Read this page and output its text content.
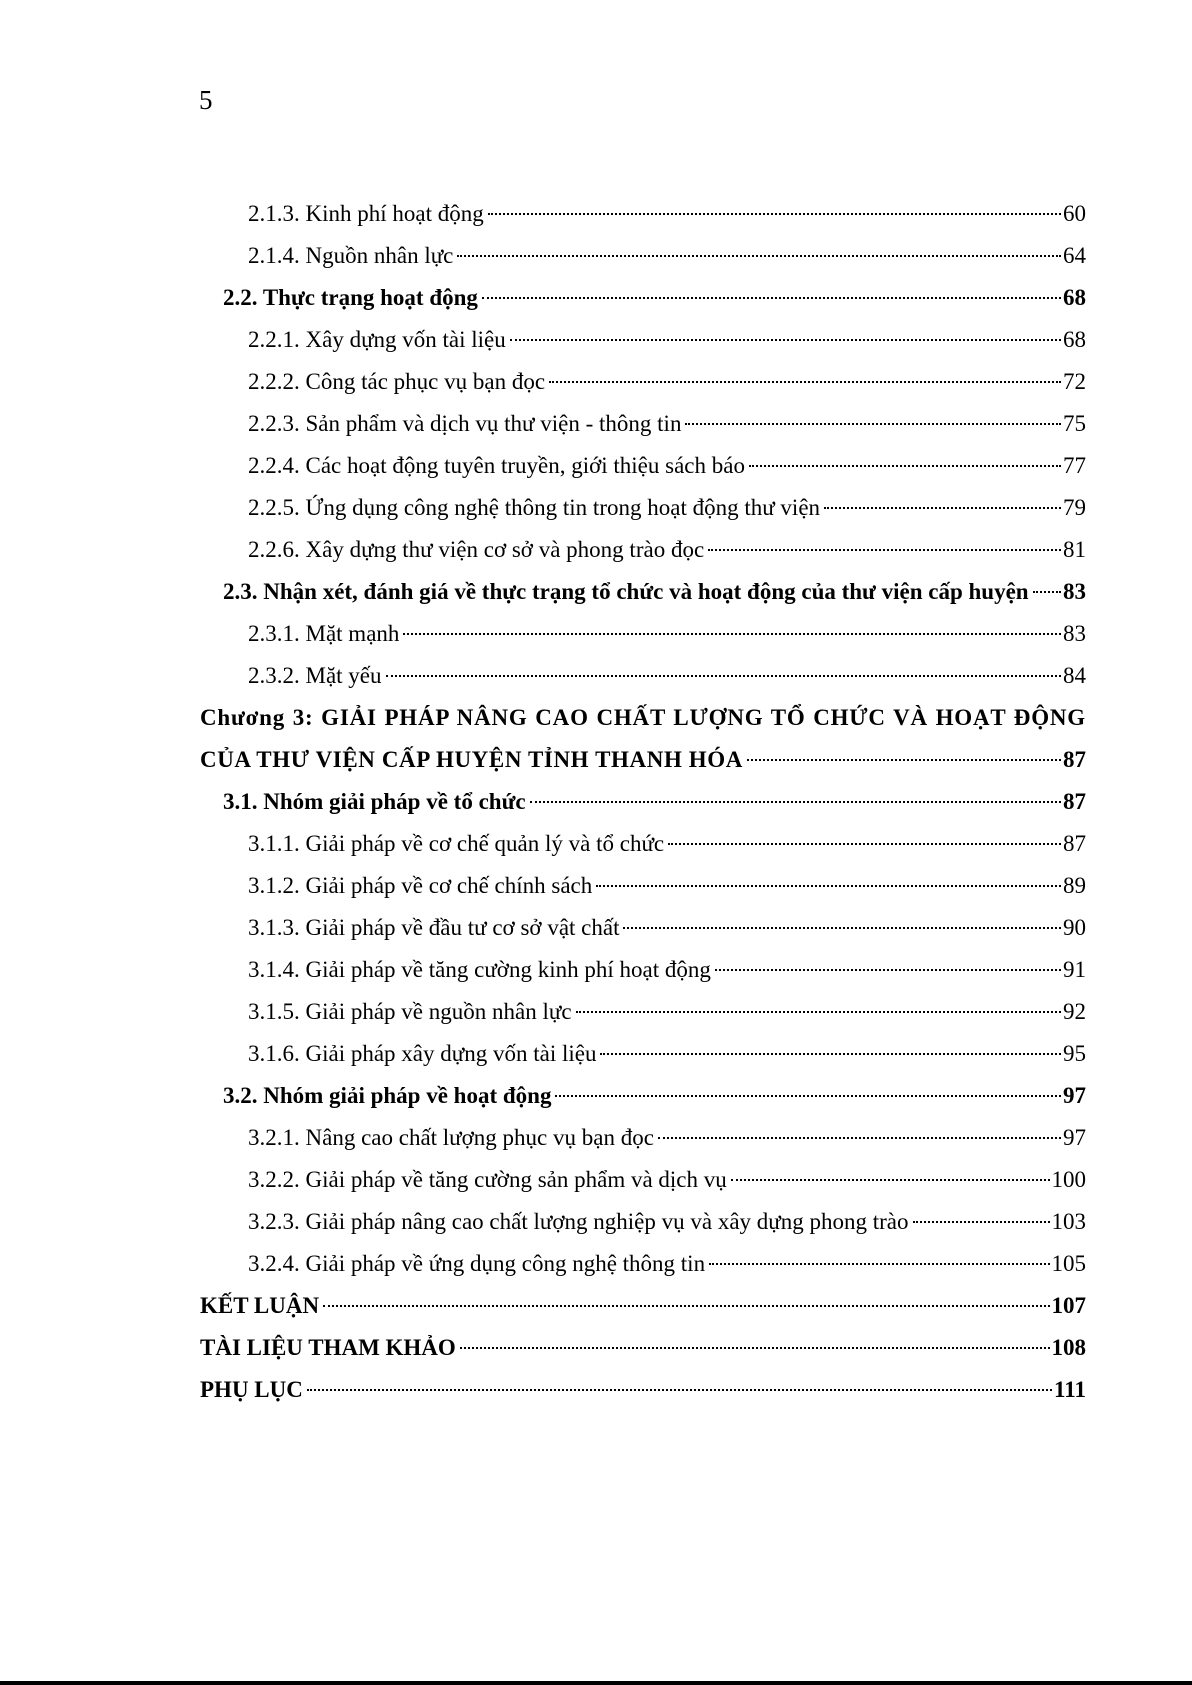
5
2.1.3. Kinh phí hoạt động	60
2.1.4. Nguồn nhân lực	64
2.2. Thực trạng hoạt động	68
2.2.1. Xây dựng vốn tài liệu	68
2.2.2. Công tác phục vụ bạn đọc	72
2.2.3. Sản phẩm và dịch vụ thư viện - thông tin	75
2.2.4. Các hoạt động tuyên truyền, giới thiệu sách báo	77
2.2.5. Ứng dụng công nghệ thông tin trong hoạt động thư viện	79
2.2.6. Xây dựng thư viện cơ sở và phong trào đọc	81
2.3. Nhận xét, đánh giá về thực trạng tổ chức và hoạt động của thư viện cấp huyện 83
2.3.1. Mặt mạnh	83
2.3.2. Mặt yếu	84
Chương 3: GIẢI PHÁP NÂNG CAO CHẤT LƯỢNG TỔ CHỨC VÀ HOẠT ĐỘNG
CỦA THƯ VIỆN CẤP HUYỆN TỈNH THANH HÓA	87
3.1. Nhóm giải pháp về tổ chức	87
3.1.1. Giải pháp về cơ chế quản lý và tổ chức	87
3.1.2. Giải pháp về cơ chế chính sách	89
3.1.3. Giải pháp về đầu tư cơ sở vật chất	90
3.1.4. Giải pháp về tăng cường kinh phí hoạt động	91
3.1.5. Giải pháp về nguồn nhân lực	92
3.1.6. Giải pháp xây dựng vốn tài liệu	95
3.2. Nhóm giải pháp về hoạt động	97
3.2.1. Nâng cao chất lượng phục vụ bạn đọc	97
3.2.2. Giải pháp về tăng cường sản phẩm và dịch vụ	100
3.2.3. Giải pháp nâng cao chất lượng nghiệp vụ và xây dựng phong trào	103
3.2.4. Giải pháp về ứng dụng công nghệ thông tin	105
KẾT LUẬN	107
TÀI LIỆU THAM KHẢO	108
PHỤ LỤC	111
